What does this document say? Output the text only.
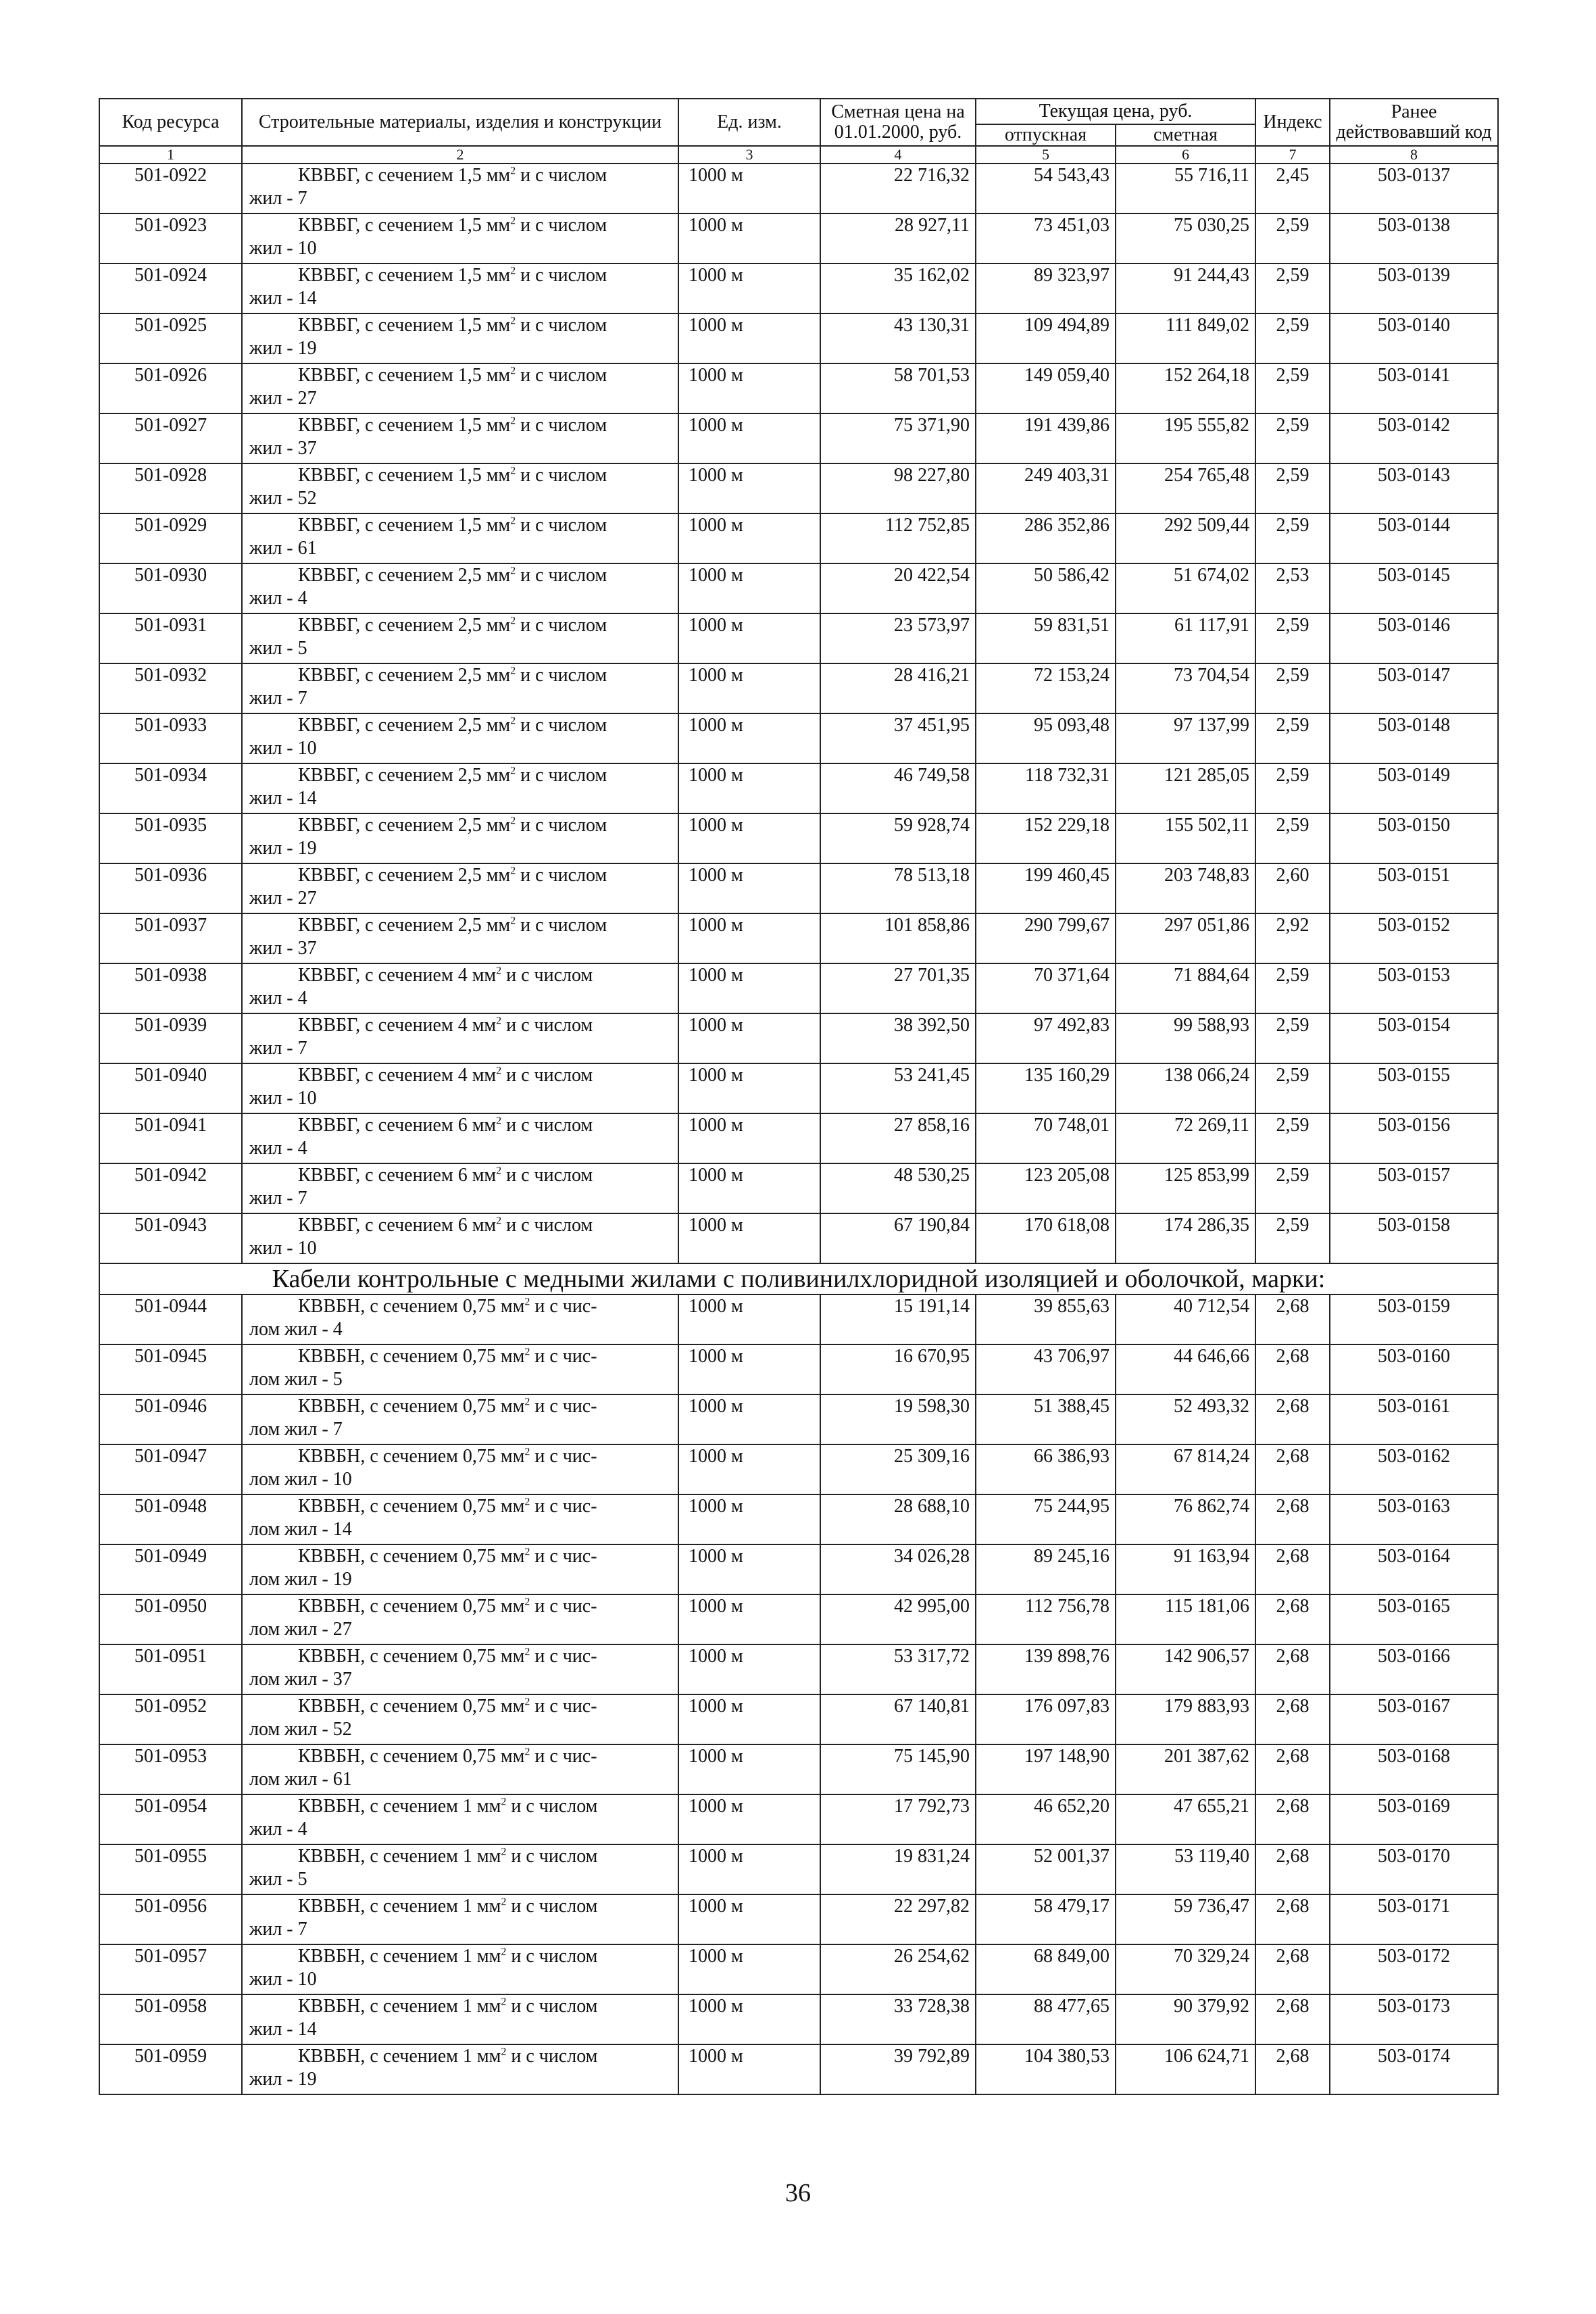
Код ресурса	Строительные материалы, изделия и конструкции	Ед. изм.	Сметная цена на 01.01.2000, руб.	Текущая цена, руб.		Индекс	Ранее действовавший код
				отпускная	сметная		
1	2	3	4	5	6	7	8
501-0922	КВВБГ, с сечением 1,5 $мм^2$ и с числом
жил - 7	1000 м	22 716,32	54 543,43	55 716,11	2,45	503-0137
501-0923	КВВБГ, с сечением 1,5 $мм^2$ и с числом
жил - 10	1000 м	28 927,11	73 451,03	75 030,25	2,59	503-0138
501-0924	КВВБГ, с сечением 1,5 $мм^2$ и с числом
жил - 14	1000 м	35 162,02	89 323,97	91 244,43	2,59	503-0139
501-0925	КВВБГ, с сечением 1,5 $мм^2$ и с числом
жил - 19	1000 м	43 130,31	109 494,89	111 849,02	2,59	503-0140
501-0926	КВВБГ, с сечением 1,5 $мм^2$ и с числом
жил - 27	1000 м	58 701,53	149 059,40	152 264,18	2,59	503-0141
501-0927	КВВБГ, с сечением 1,5 $мм^2$ и с числом
жил - 37	1000 м	75 371,90	191 439,86	195 555,82	2,59	503-0142
501-0928	КВВБГ, с сечением 1,5 $мм^2$ и с числом
жил - 52	1000 м	98 227,80	249 403,31	254 765,48	2,59	503-0143
501-0929	КВВБГ, с сечением 1,5 $мм^2$ и с числом
жил - 61	1000 м	112 752,85	286 352,86	292 509,44	2,59	503-0144
501-0930	КВВБГ, с сечением 2,5 $мм^2$ и с числом
жил - 4	1000 м	20 422,54	50 586,42	51 674,02	2,53	503-0145
501-0931	КВВБГ, с сечением 2,5 $мм^2$ и с числом
жил - 5	1000 м	23 573,97	59 831,51	61 117,91	2,59	503-0146
501-0932	КВВБГ, с сечением 2,5 $мм^2$ и с числом
жил - 7	1000 м	28 416,21	72 153,24	73 704,54	2,59	503-0147
501-0933	КВВБГ, с сечением 2,5 $мм^2$ и с числом
жил - 10	1000 м	37 451,95	95 093,48	97 137,99	2,59	503-0148
501-0934	КВВБГ, с сечением 2,5 $мм^2$ и с числом
жил - 14	1000 м	46 749,58	118 732,31	121 285,05	2,59	503-0149
501-0935	КВВБГ, с сечением 2,5 $мм^2$ и с числом
жил - 19	1000 м	59 928,74	152 229,18	155 502,11	2,59	503-0150
501-0936	КВВБГ, с сечением 2,5 $мм^2$ и с числом
жил - 27	1000 м	78 513,18	199 460,45	203 748,83	2,60	503-0151
501-0937	КВВБГ, с сечением 2,5 $мм^2$ и с числом
жил - 37	1000 м	101 858,86	290 799,67	297 051,86	2,92	503-0152
501-0938	КВВБГ, с сечением 4 $мм^2$ и с числом
жил - 4	1000 м	27 701,35	70 371,64	71 884,64	2,59	503-0153
501-0939	КВВБГ, с сечением 4 $мм^2$ и с числом
жил - 7	1000 м	38 392,50	97 492,83	99 588,93	2,59	503-0154
501-0940	КВВБГ, с сечением 4 $мм^2$ и с числом
жил - 10	1000 м	53 241,45	135 160,29	138 066,24	2,59	503-0155
501-0941	КВВБГ, с сечением 6 $мм^2$ и с числом
жил - 4	1000 м	27 858,16	70 748,01	72 269,11	2,59	503-0156
501-0942	КВВБГ, с сечением 6 $мм^2$ и с числом
жил - 7	1000 м	48 530,25	123 205,08	125 853,99	2,59	503-0157
501-0943	КВВБГ, с сечением 6 $мм^2$ и с числом
жил - 10	1000 м	67 190,84	170 618,08	174 286,35	2,59	503-0158
Кабели контрольные с медными жилами с поливинилхлоридной изоляцией и оболочкой, марки:							
501-0944	КВВБН, с сечением 0,75 $мм^2$ и с чис-
лом жил - 4	1000 м	15 191,14	39 855,63	40 712,54	2,68	503-0159
501-0945	КВВБН, с сечением 0,75 $мм^2$ и с чис-
лом жил - 5	1000 м	16 670,95	43 706,97	44 646,66	2,68	503-0160
501-0946	КВВБН, с сечением 0,75 $мм^2$ и с чис-
лом жил - 7	1000 м	19 598,30	51 388,45	52 493,32	2,68	503-0161
501-0947	КВВБН, с сечением 0,75 $мм^2$ и с чис-
лом жил - 10	1000 м	25 309,16	66 386,93	67 814,24	2,68	503-0162
501-0948	КВВБН, с сечением 0,75 $мм^2$ и с чис-
лом жил - 14	1000 м	28 688,10	75 244,95	76 862,74	2,68	503-0163
501-0949	КВВБН, с сечением 0,75 $мм^2$ и с чис-
лом жил - 19	1000 м	34 026,28	89 245,16	91 163,94	2,68	503-0164
501-0950	КВВБН, с сечением 0,75 $мм^2$ и с чис-
лом жил - 27	1000 м	42 995,00	112 756,78	115 181,06	2,68	503-0165
501-0951	КВВБН, с сечением 0,75 $мм^2$ и с чис-
лом жил - 37	1000 м	53 317,72	139 898,76	142 906,57	2,68	503-0166
501-0952	КВВБН, с сечением 0,75 $мм^2$ и с чис-
лом жил - 52	1000 м	67 140,81	176 097,83	179 883,93	2,68	503-0167
501-0953	КВВБН, с сечением 0,75 $мм^2$ и с чис-
лом жил - 61	1000 м	75 145,90	197 148,90	201 387,62	2,68	503-0168
501-0954	КВВБН, с сечением 1 $мм^2$ и с числом
жил - 4	1000 м	17 792,73	46 652,20	47 655,21	2,68	503-0169
501-0955	КВВБН, с сечением 1 $мм^2$ и с числом
жил - 5	1000 м	19 831,24	52 001,37	53 119,40	2,68	503-0170
501-0956	КВВБН, с сечением 1 $мм^2$ и с числом
жил - 7	1000 м	22 297,82	58 479,17	59 736,47	2,68	503-0171
501-0957	КВВБН, с сечением 1 $мм^2$ и с числом
жил - 10	1000 м	26 254,62	68 849,00	70 329,24	2,68	503-0172
501-0958	КВВБН, с сечением 1 $мм^2$ и с числом
жил - 14	1000 м	33 728,38	88 477,65	90 379,92	2,68	503-0173
501-0959	КВВБН, с сечением 1 $мм^2$ и с числом
жил - 19	1000 м	39 792,89	104 380,53	106 624,71	2,68	503-0174
36
